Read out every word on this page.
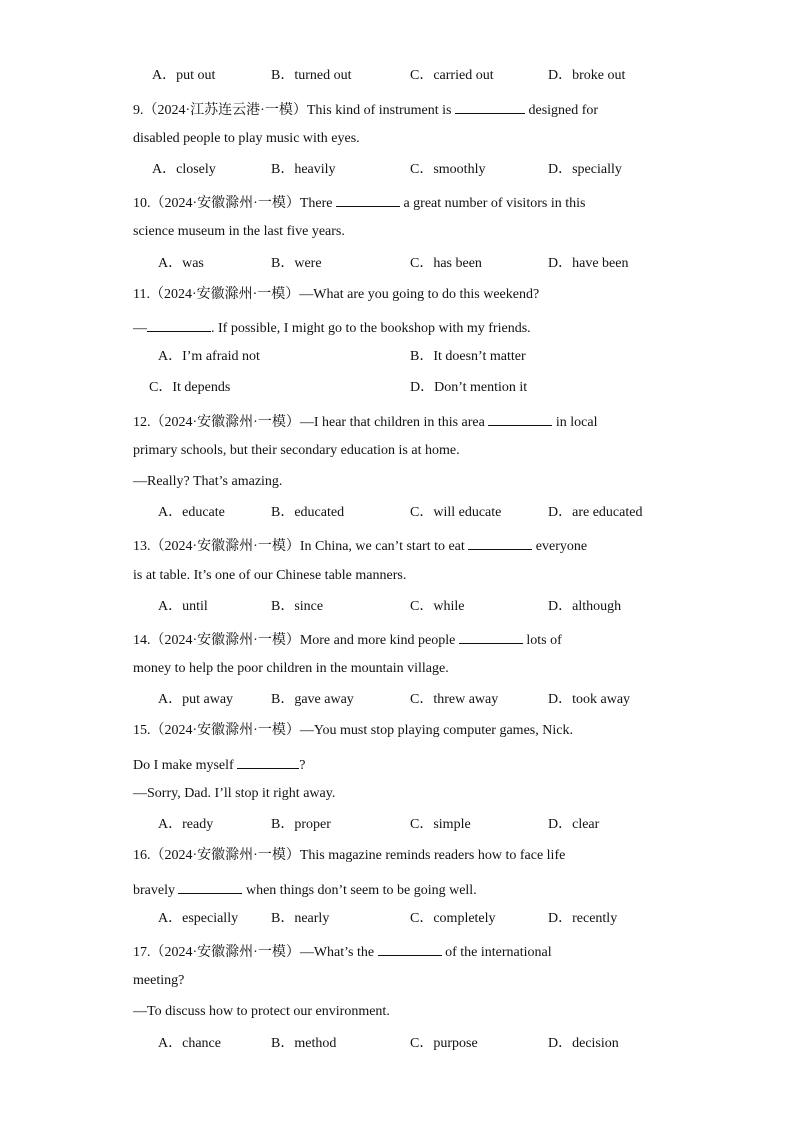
A．put out	B．turned out	C．carried out	D．broke out
9.（2024·江苏连云港·一模）This kind of instrument is	designed for
disabled people to play music with eyes.
A．closely	B．heavily	C．smoothly	D．specially
10.（2024·安徽滁州·一模）There	a great number of visitors in this
science museum in the last five years.
A．was	B．were	C．has been	D．have been
11.（2024·安徽滁州·一模）—What are you going to do this weekend?
—	. If possible, I might go to the bookshop with my friends.
A．I’m afraid not	B．It doesn’t matter
C．It depends	D．Don’t mention it
12.（2024·安徽滁州·一模）—I hear that children in this area	in local
primary schools, but their secondary education is at home.
—Really? That’s amazing.
A．educate	B．educated	C．will educate	D．are educated
13.（2024·安徽滁州·一模）In China, we can’t start to eat	everyone
is at table. It’s one of our Chinese table manners.
A．until	B．since	C．while	D．although
14.（2024·安徽滁州·一模）More and more kind people	lots of
money to help the poor children in the mountain village.
A．put away	B．gave away	C．threw away	D．took away
15.（2024·安徽滁州·一模）—You must stop playing computer games, Nick.
Do I make myself	?
—Sorry, Dad. I’ll stop it right away.
A．ready	B．proper	C．simple	D．clear
16.（2024·安徽滁州·一模）This magazine reminds readers how to face life
bravely	when things don’t seem to be going well.
A．especially B．nearly	C．completely	D．recently
17.（2024·安徽滁州·一模）—What’s the	of the international
meeting?
—To discuss how to protect our environment.
A．chance	B．method	C．purpose	D．decision
